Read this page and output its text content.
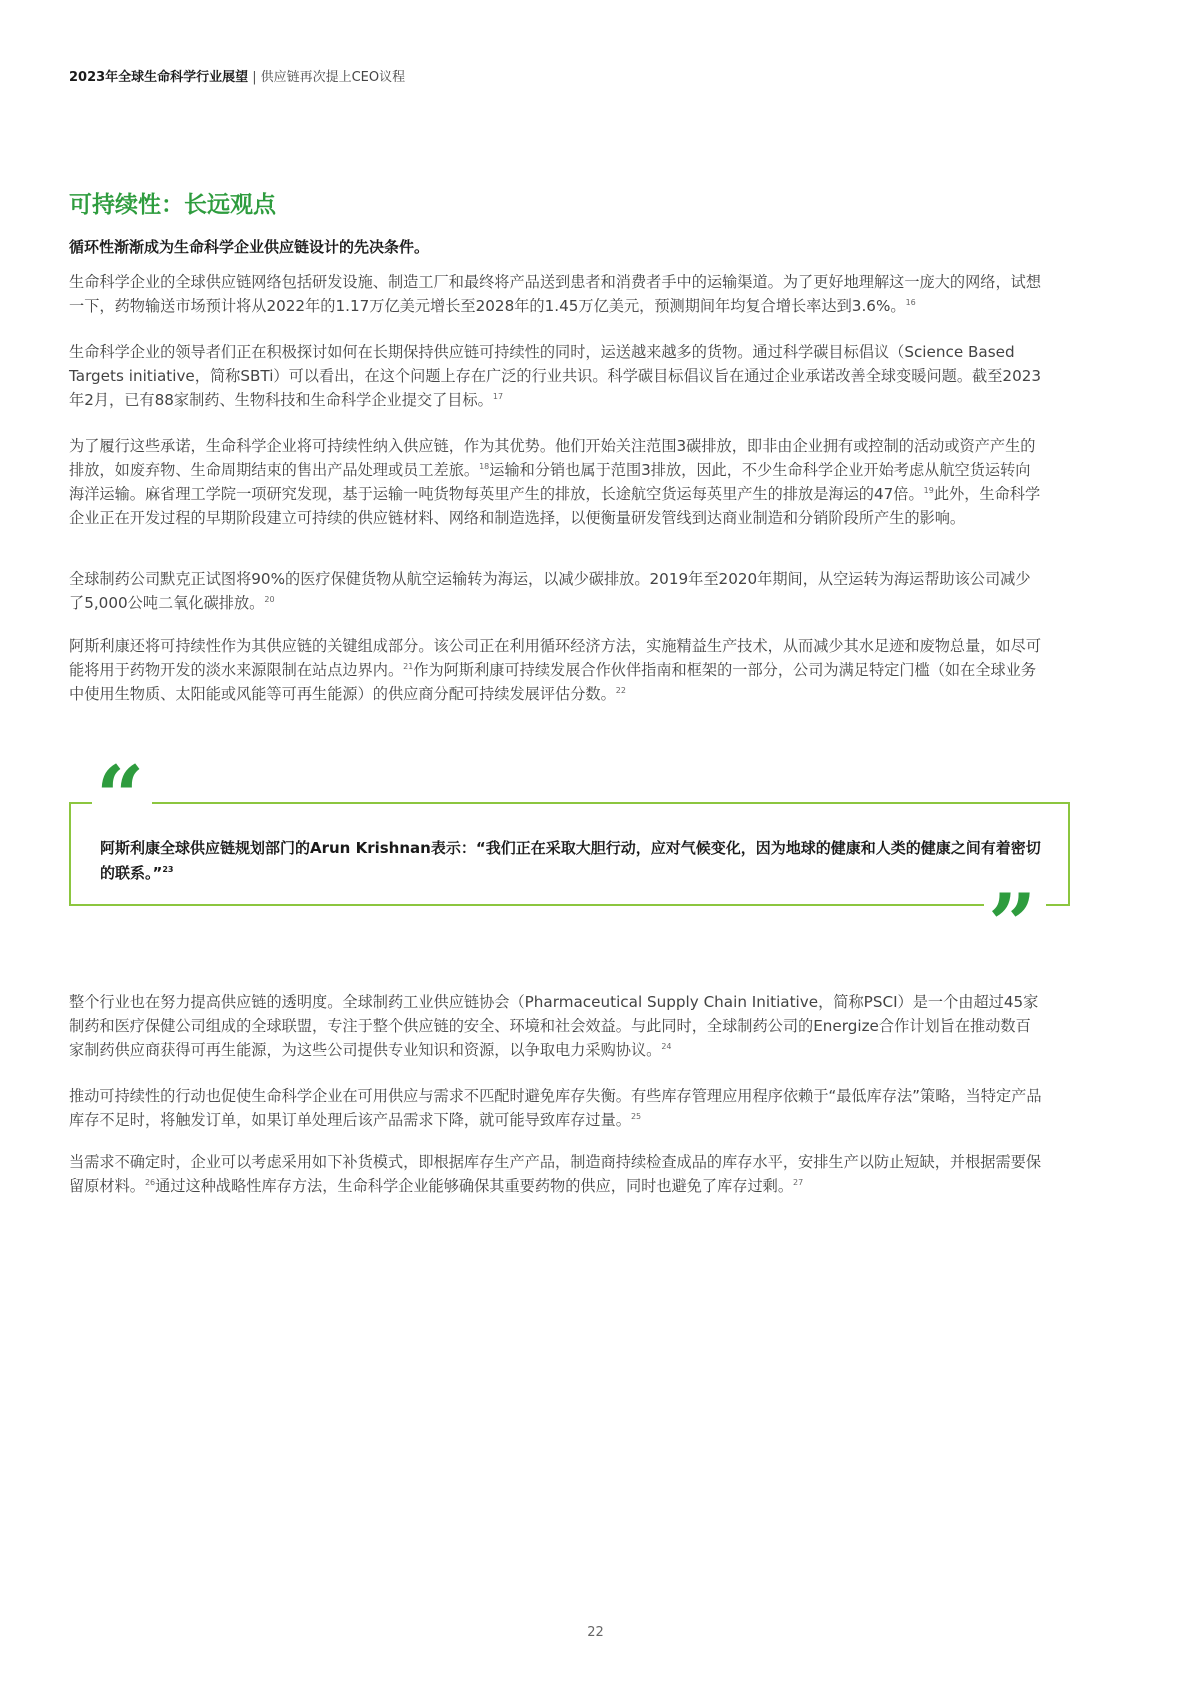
2023年全球生命科学行业展望 | 供应链再次提上CEO议程
可持续性：长远观点

循环性渐渐成为生命科学企业供应链设计的先决条件。

生命科学企业的全球供应链网络包括研发设施、制造工厂和最终将产品送到患者和消费者手中的运输渠道。为了更好地理解这一庞大的网络，试想一下，药物输送市场预计将从2022年的1.17万亿美元增长至2028年的1.45万亿美元，预测期间年均复合增长率达到3.6%。$^{16}$

生命科学企业的领导者们正在积极探讨如何在长期保持供应链可持续性的同时，运送越来越多的货物。通过科学碳目标倡议（Science Based Targets initiative，简称SBTi）可以看出，在这个问题上存在广泛的行业共识。科学碳目标倡议旨在通过企业承诺改善全球变暖问题。截至2023年2月，已有88家制药、生物科技和生命科学企业提交了目标。$^{17}$

为了履行这些承诺，生命科学企业将可持续性纳入供应链，作为其优势。他们开始关注范围3碳排放，即非由企业拥有或控制的活动或资产产生的排放，如废弃物、生命周期结束的售出产品处理或员工差旅。$^{18}$运输和分销也属于范围3排放，因此，不少生命科学企业开始考虑从航空货运转向海洋运输。麻省理工学院一项研究发现，基于运输一吨货物每英里产生的排放，长途航空货运每英里产生的排放是海运的47倍。$^{19}$此外，生命科学企业正在开发过程的早期阶段建立可持续的供应链材料、网络和制造选择，以便衡量研发管线到达商业制造和分销阶段所产生的影响。

全球制药公司默克正试图将90%的医疗保健货物从航空运输转为海运，以减少碳排放。2019年至2020年期间，从空运转为海运帮助该公司减少了5,000公吨二氧化碳排放。$^{20}$

阿斯利康还将可持续性作为其供应链的关键组成部分。该公司正在利用循环经济方法，实施精益生产技术，从而减少其水足迹和废物总量，如尽可能将用于药物开发的淡水来源限制在站点边界内。$^{21}$作为阿斯利康可持续发展合作伙伴指南和框架的一部分，公司为满足特定门槛（如在全球业务中使用生物质、太阳能或风能等可再生能源）的供应商分配可持续发展评估分数。$^{22}$

“
”

阿斯利康全球供应链规划部门的Arun Krishnan表示：“我们正在采取大胆行动，应对气候变化，因为地球的健康和人类的健康之间有着密切的联系。”$^{23}$

整个行业也在努力提高供应链的透明度。全球制药工业供应链协会（Pharmaceutical Supply Chain Initiative，简称PSCI）是一个由超过45家制药和医疗保健公司组成的全球联盟，专注于整个供应链的安全、环境和社会效益。与此同时，全球制药公司的Energize合作计划旨在推动数百家制药供应商获得可再生能源，为这些公司提供专业知识和资源，以争取电力采购协议。$^{24}$

推动可持续性的行动也促使生命科学企业在可用供应与需求不匹配时避免库存失衡。有些库存管理应用程序依赖于“最低库存法”策略，当特定产品库存不足时，将触发订单，如果订单处理后该产品需求下降，就可能导致库存过量。$^{25}$

当需求不确定时，企业可以考虑采用如下补货模式，即根据库存生产产品，制造商持续检查成品的库存水平，安排生产以防止短缺，并根据需要保留原材料。$^{26}$通过这种战略性库存方法，生命科学企业能够确保其重要药物的供应，同时也避免了库存过剩。$^{27}$

22
